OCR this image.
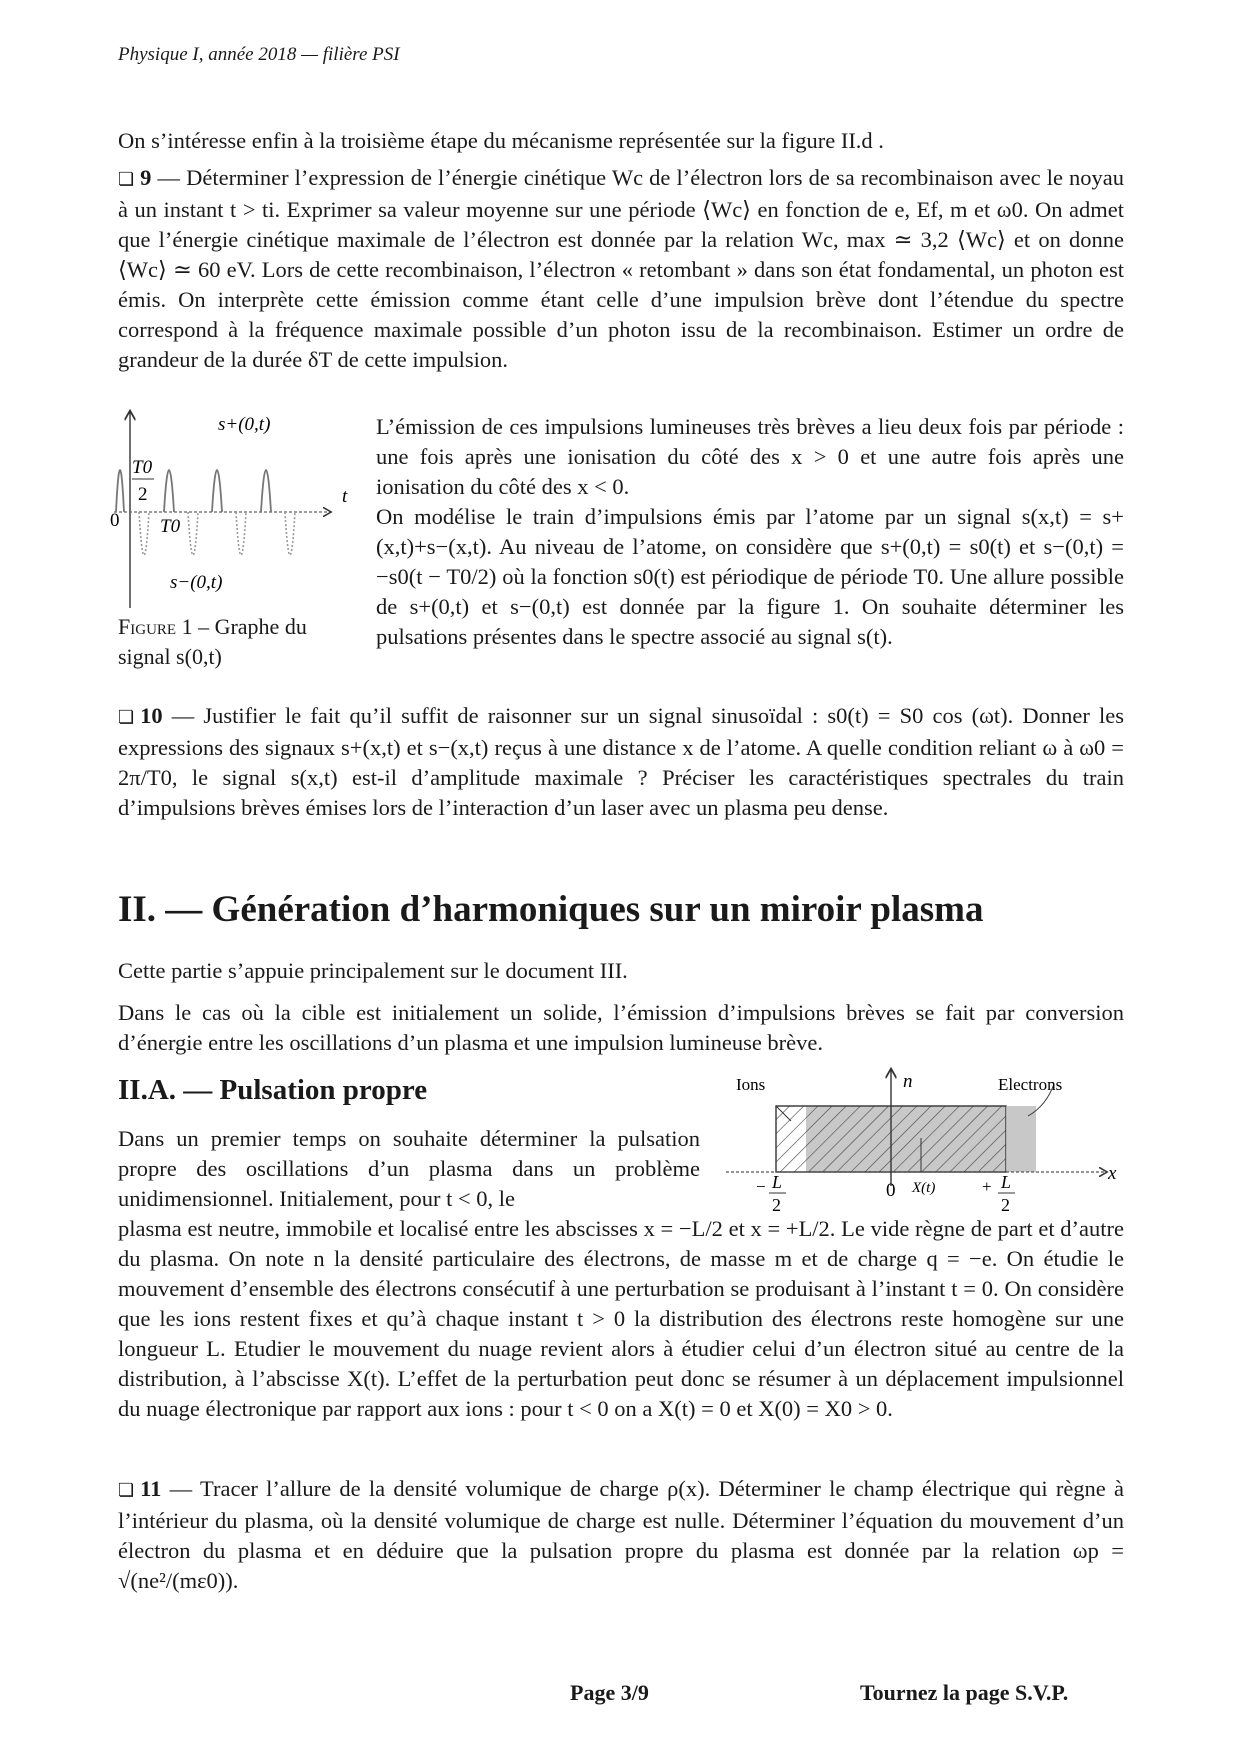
Physique I, année 2018 — filière PSI

On s’intéresse enfin à la troisième étape du mécanisme représentée sur la figure II.d .

❏ 9 — Déterminer l’expression de l’énergie cinétique Wc de l’électron lors de sa recombinaison avec le noyau à un instant t > ti. Exprimer sa valeur moyenne sur une période ⟨Wc⟩ en fonction de e, Ef, m et ω0. On admet que l’énergie cinétique maximale de l’électron est donnée par la relation Wc, max ≃ 3,2 ⟨Wc⟩ et on donne ⟨Wc⟩ ≃ 60 eV. Lors de cette recombinaison, l’électron « retombant » dans son état fondamental, un photon est émis. On interprète cette émission comme étant celle d’une impulsion brève dont l’étendue du spectre correspond à la fréquence maximale possible d’un photon issu de la recombinaison. Estimer un ordre de grandeur de la durée δT de cette impulsion.

s+(0,t)
s−(0,t)
T0
2
T0
0
t

Figure 1 – Graphe du signal s(0,t)

L’émission de ces impulsions lumineuses très brèves a lieu deux fois par période : une fois après une ionisation du côté des x > 0 et une autre fois après une ionisation du côté des x < 0.

On modélise le train d’impulsions émis par l’atome par un signal s(x,t) = s+(x,t)+s−(x,t). Au niveau de l’atome, on considère que s+(0,t) = s0(t) et s−(0,t) = −s0(t − T0/2) où la fonction s0(t) est périodique de période T0. Une allure possible de s+(0,t) et s−(0,t) est donnée par la figure 1. On souhaite déterminer les pulsations présentes dans le spectre associé au signal s(t).

❏ 10 — Justifier le fait qu’il suffit de raisonner sur un signal sinusoïdal : s0(t) = S0 cos (ωt). Donner les expressions des signaux s+(x,t) et s−(x,t) reçus à une distance x de l’atome. A quelle condition reliant ω à ω0 = 2π/T0, le signal s(x,t) est-il d’amplitude maximale ? Préciser les caractéristiques spectrales du train d’impulsions brèves émises lors de l’interaction d’un laser avec un plasma peu dense.

II. — Génération d’harmoniques sur un miroir plasma

Cette partie s’appuie principalement sur le document III.

Dans le cas où la cible est initialement un solide, l’émission d’impulsions brèves se fait par conversion d’énergie entre les oscillations d’un plasma et une impulsion lumineuse brève.

II.A. — Pulsation propre

Dans un premier temps on souhaite déterminer la pulsation propre des oscillations d’un plasma dans un problème unidimensionnel. Initialement, pour t < 0, le

plasma est neutre, immobile et localisé entre les abscisses x = −L/2 et x = +L/2. Le vide règne de part et d’autre du plasma. On note n la densité particulaire des électrons, de masse m et de charge q = −e. On étudie le mouvement d’ensemble des électrons consécutif à une perturbation se produisant à l’instant t = 0. On considère que les ions restent fixes et qu’à chaque instant t > 0 la distribution des électrons reste homogène sur une longueur L. Etudier le mouvement du nuage revient alors à étudier celui d’un électron situé au centre de la distribution, à l’abscisse X(t). L’effet de la perturbation peut donc se résumer à un déplacement impulsionnel du nuage électronique par rapport aux ions : pour t < 0 on a X(t) = 0 et X(0) = X0 > 0.

Ions	Electrons
n
x
0 X(t)
− L
2
+ L
2

❏ 11 — Tracer l’allure de la densité volumique de charge ρ(x). Déterminer le champ électrique qui règne à l’intérieur du plasma, où la densité volumique de charge est nulle. Déterminer l’équation du mouvement d’un électron du plasma et en déduire que la pulsation propre du plasma est donnée par la relation ωp = √(ne²/(mε0)).

Page 3/9	Tournez la page S.V.P.
